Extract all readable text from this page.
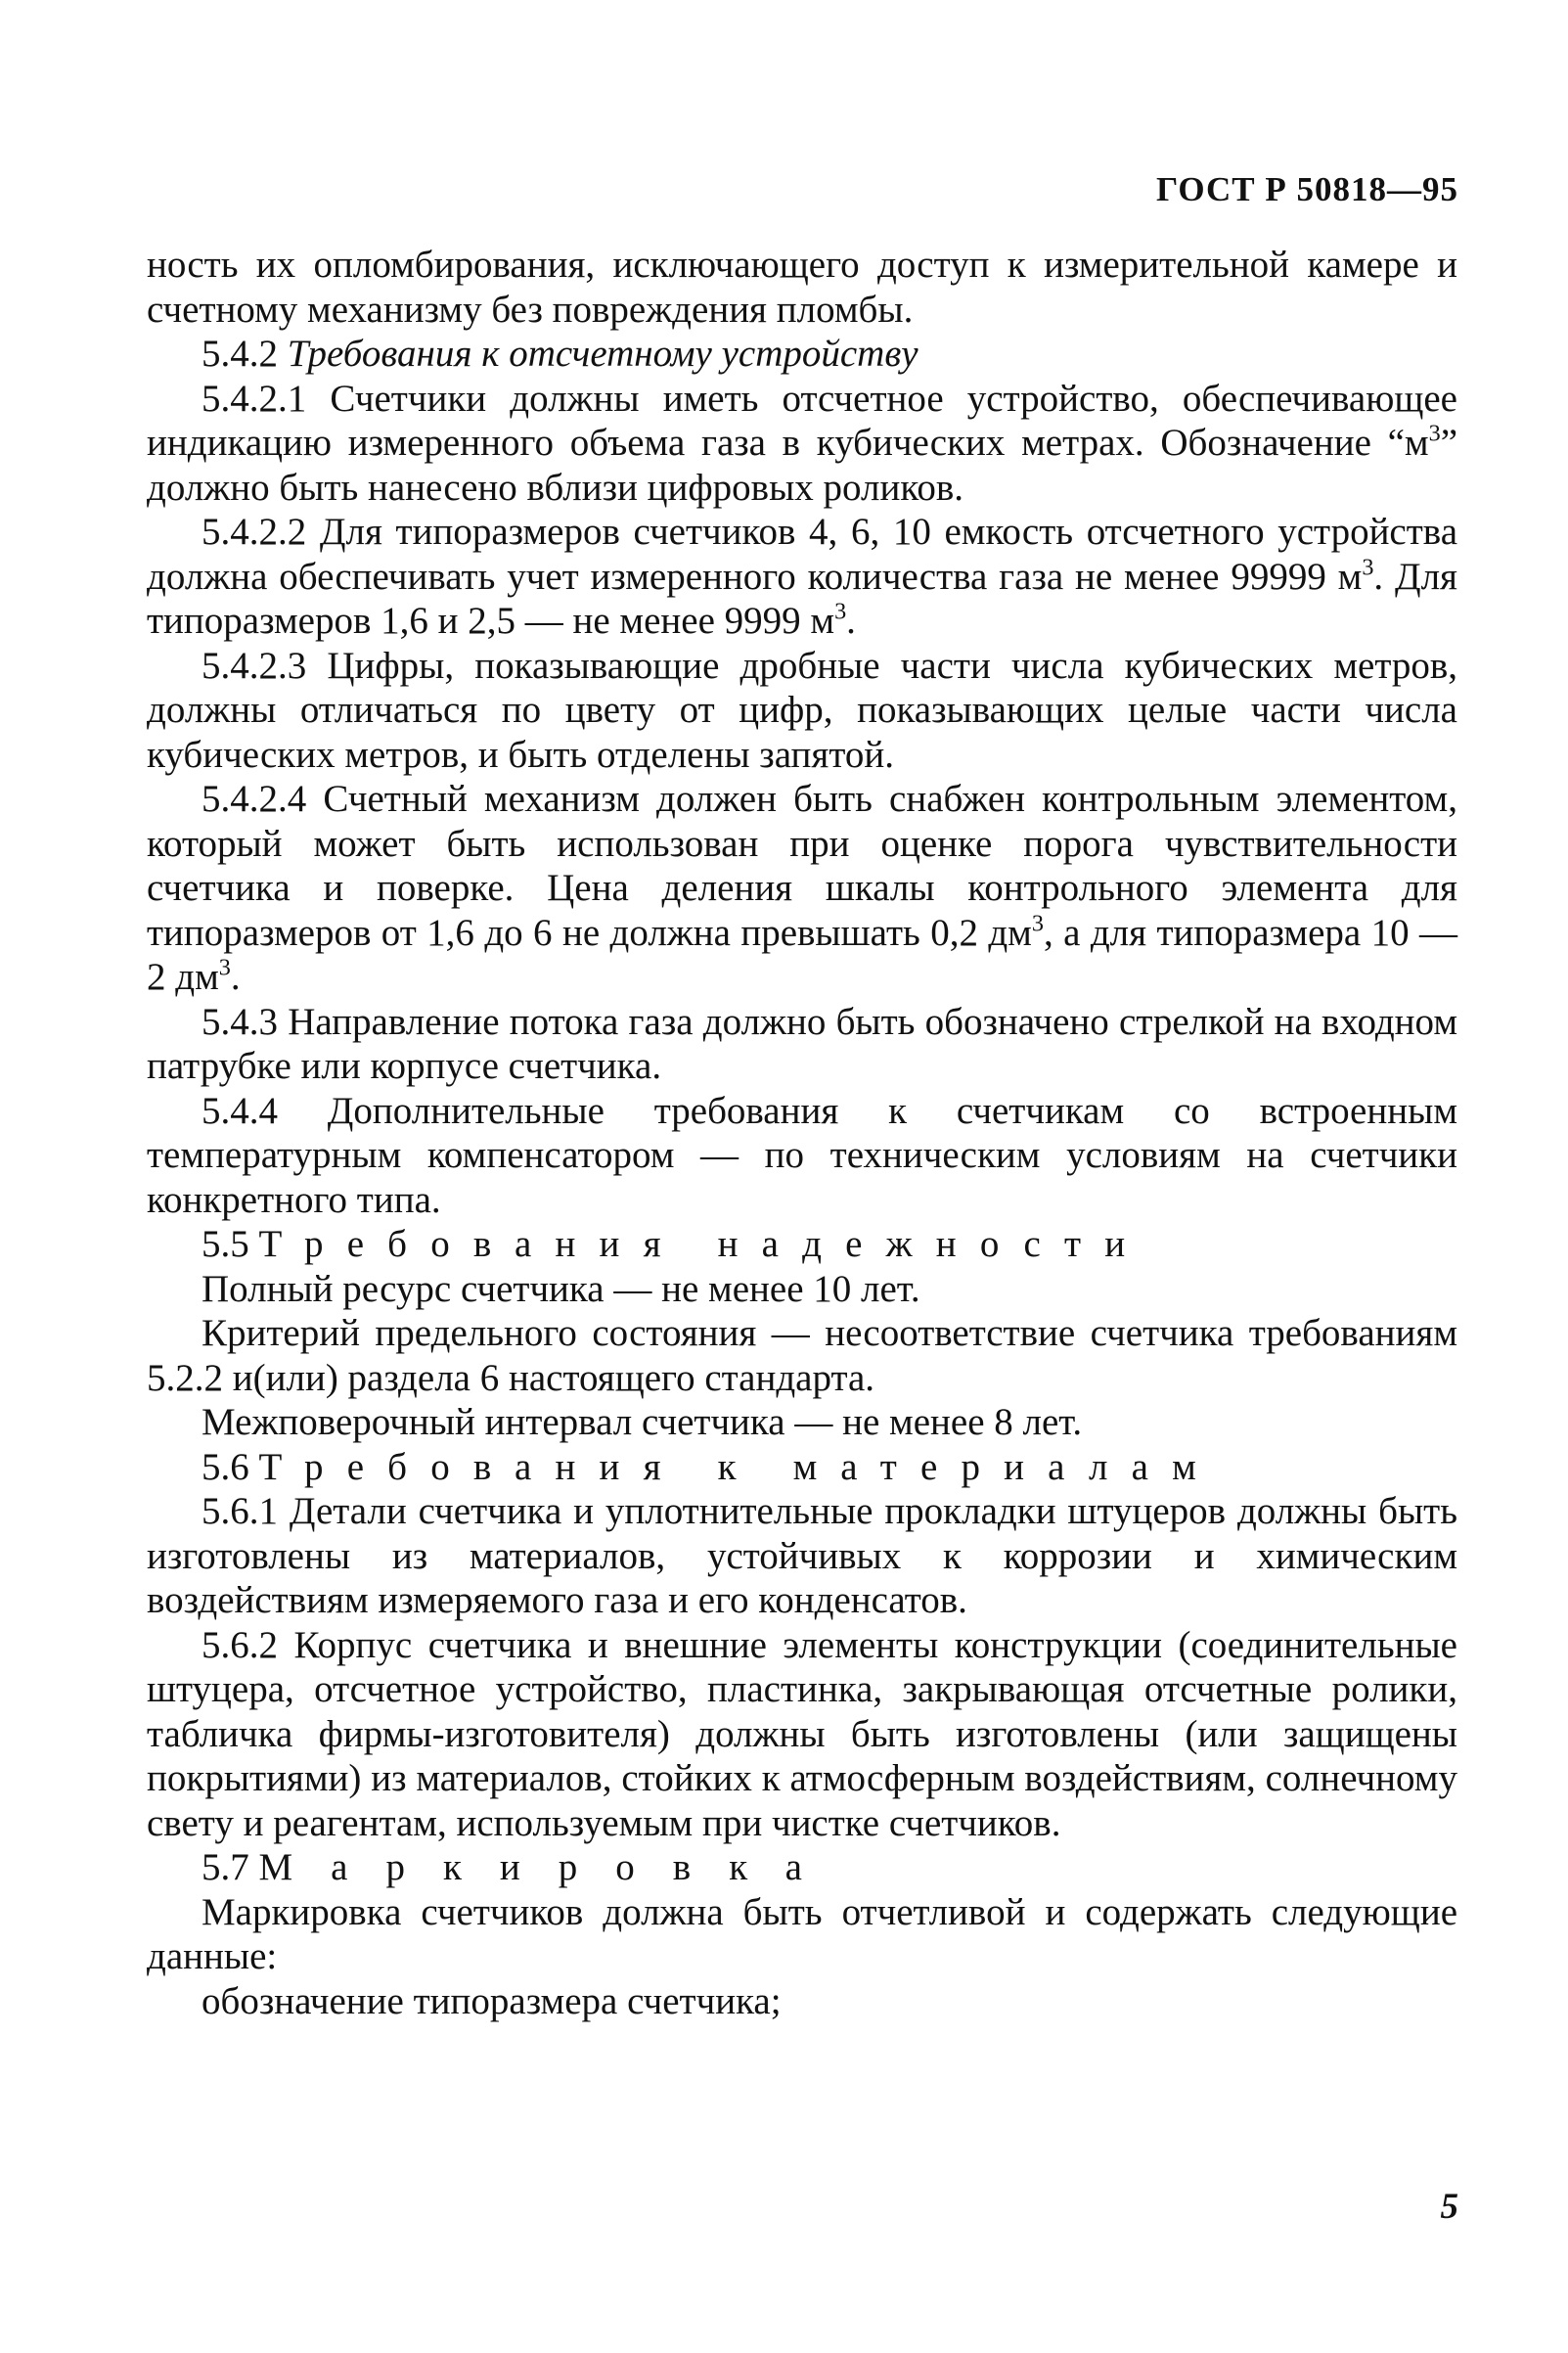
ГОСТ Р 50818—95

ность их опломбирования, исключающего доступ к измерительной камере и счетному механизму без повреждения пломбы.

5.4.2 Требования к отсчетному устройству

5.4.2.1 Счетчики должны иметь отсчетное устройство, обеспечивающее индикацию измеренного объема газа в кубических метрах. Обозначение “$м^3$” должно быть нанесено вблизи цифровых роликов.

5.4.2.2 Для типоразмеров счетчиков 4, 6, 10 емкость отсчетного устройства должна обеспечивать учет измеренного количества газа не менее 99999 $м^3$. Для типоразмеров 1,6 и 2,5 — не менее 9999 $м^3$.

5.4.2.3 Цифры, показывающие дробные части числа кубических метров, должны отличаться по цвету от цифр, показывающих целые части числа кубических метров, и быть отделены запятой.

5.4.2.4 Счетный механизм должен быть снабжен контрольным элементом, который может быть использован при оценке порога чувствительности счетчика и поверке. Цена деления шкалы контрольного элемента для типоразмеров от 1,6 до 6 не должна превышать 0,2 $дм^3$, а для типоразмера 10 —2 $дм^3$.

5.4.3 Направление потока газа должно быть обозначено стрелкой на входном патрубке или корпусе счетчика.

5.4.4 Дополнительные требования к счетчикам со встроенным температурным компенсатором — по техническим условиям на счетчики конкретного типа.

5.5 Требования надежности

Полный ресурс счетчика — не менее 10 лет.

Критерий предельного состояния — несоответствие счетчика требованиям 5.2.2 и(или) раздела 6 настоящего стандарта.

Межповерочный интервал счетчика — не менее 8 лет.

5.6 Требования к материалам

5.6.1 Детали счетчика и уплотнительные прокладки штуцеров должны быть изготовлены из материалов, устойчивых к коррозии и химическим воздействиям измеряемого газа и его конденсатов.

5.6.2 Корпус счетчика и внешние элементы конструкции (соединительные штуцера, отсчетное устройство, пластинка, закрывающая отсчетные ролики, табличка фирмы-изготовителя) должны быть изготовлены (или защищены покрытиями) из материалов, стойких к атмосферным воздействиям, солнечному свету и реагентам, используемым при чистке счетчиков.

5.7 Маркировка

Маркировка счетчиков должна быть отчетливой и содержать следующие данные:

обозначение типоразмера счетчика;

5
